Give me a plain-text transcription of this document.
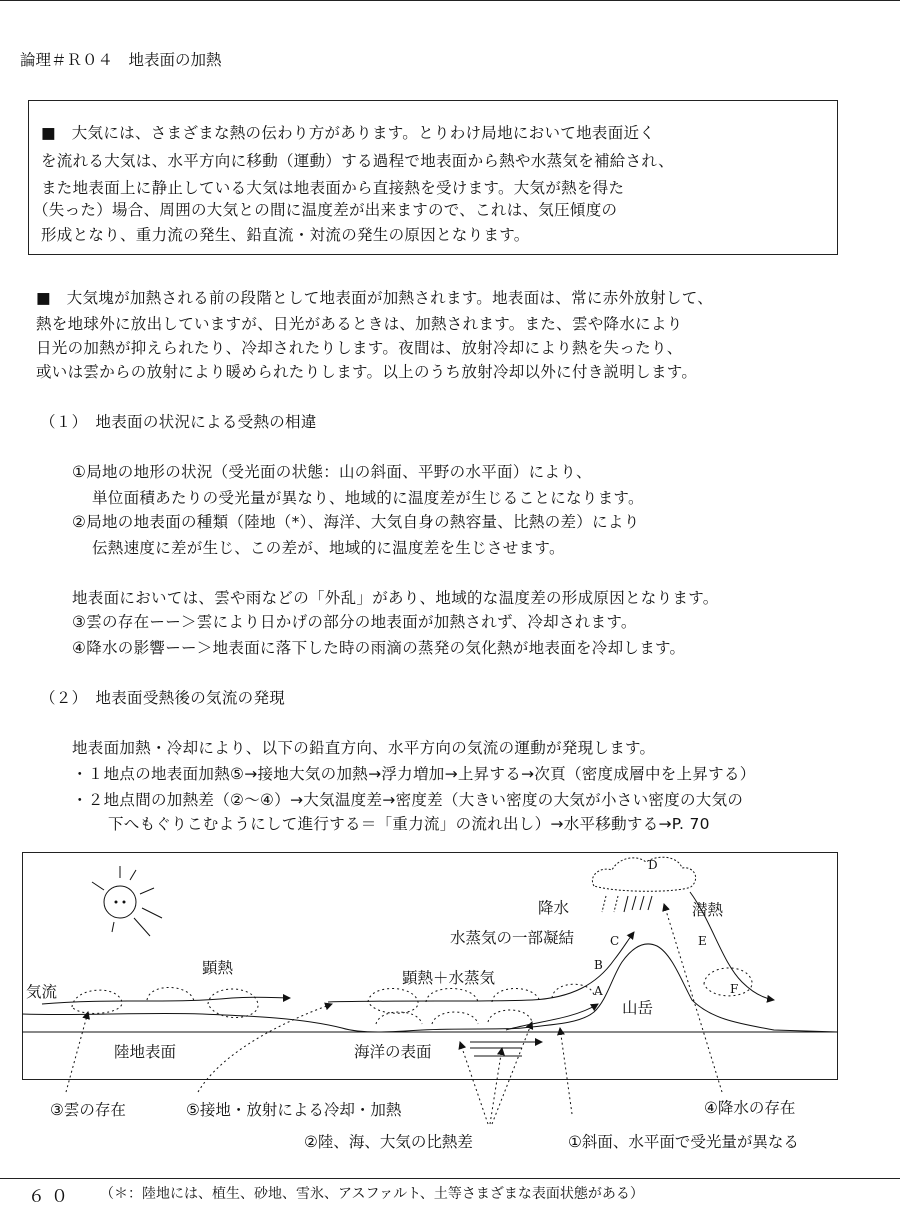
論理＃Ｒ０４　地表面の加熱
■　大気には、さまざまな熱の伝わり方があります。とりわけ局地において地表面近く
を流れる大気は、水平方向に移動（運動）する過程で地表面から熱や水蒸気を補給され、
また地表面上に静止している大気は地表面から直接熱を受けます。大気が熱を得た
（失った）場合、周囲の大気との間に温度差が出来ますので、これは、気圧傾度の
形成となり、重力流の発生、鉛直流・対流の発生の原因となります。
■　大気塊が加熱される前の段階として地表面が加熱されます。地表面は、常に赤外放射して、
熱を地球外に放出していますが、日光があるときは、加熱されます。また、雲や降水により
日光の加熱が抑えられたり、冷却されたりします。夜間は、放射冷却により熱を失ったり、
或いは雲からの放射により暖められたりします。以上のうち放射冷却以外に付き説明します。
（１）　地表面の状況による受熱の相違
①局地の地形の状況（受光面の状態：山の斜面、平野の水平面）により、
単位面積あたりの受光量が異なり、地域的に温度差が生じることになります。
②局地の地表面の種類（陸地（*）、海洋、大気自身の熱容量、比熱の差）により
伝熱速度に差が生じ、この差が、地域的に温度差を生じさせます。
地表面においては、雲や雨などの「外乱」があり、地域的な温度差の形成原因となります。
③雲の存在ーー＞雲により日かげの部分の地表面が加熱されず、冷却されます。
④降水の影響ーー＞地表面に落下した時の雨滴の蒸発の気化熱が地表面を冷却します。
（２）　地表面受熱後の気流の発現
地表面加熱・冷却により、以下の鉛直方向、水平方向の気流の運動が発現します。
・１地点の地表面加熱⑤→接地大気の加熱→浮力増加→上昇する→次頁（密度成層中を上昇する）
・２地点間の加熱差（②～④）→大気温度差→密度差（大きい密度の大気が小さい密度の大気の
下へもぐりこむようにして進行する＝「重力流」の流れ出し）→水平移動する→P. 70
気流
顕熱
顕熱＋水蒸気
降水	潜熱
水蒸気の一部凝結
山岳
陸地表面	海洋の表面
A
B
C
D
E
F
③雲の存在	⑤接地・放射による冷却・加熱	④降水の存在
②陸、海、大気の比熱差	①斜面、水平面で受光量が異なる
６０ （＊：陸地には、植生、砂地、雪氷、アスファルト、土等さまざまな表面状態がある）
